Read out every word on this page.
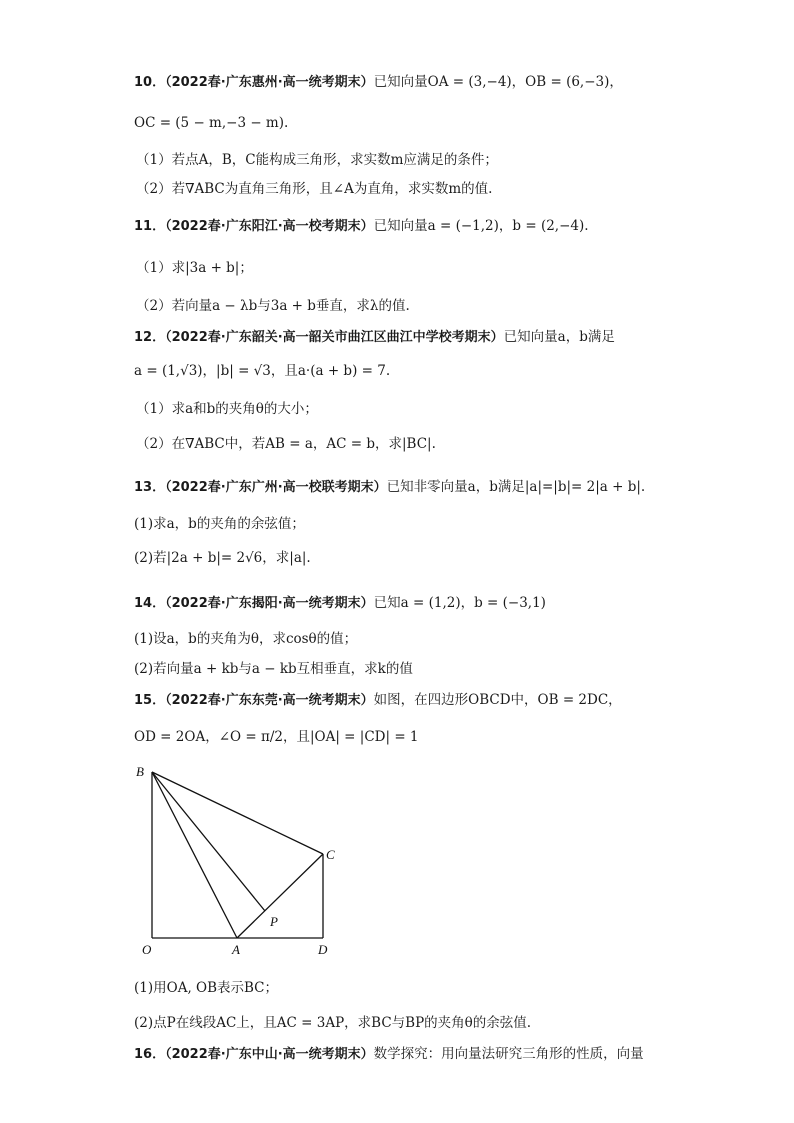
10．（2022春·广东惠州·高一统考期末）已知向量OA = (3,−4)，OB = (6,−3)，
OC = (5 − m,−3 − m).
（1）若点A，B，C能构成三角形，求实数m应满足的条件；
（2）若∇ABC为直角三角形，且∠A为直角，求实数m的值.
11．（2022春·广东阳江·高一校考期末）已知向量a = (−1,2)，b = (2,−4).
（1）求|3a + b|；
（2）若向量a − λb与3a + b垂直，求λ的值.
12．（2022春·广东韶关·高一韶关市曲江区曲江中学校考期末）已知向量a，b满足
a = (1,√3)，|b| = √3，且a·(a + b) = 7.
（1）求a和b的夹角θ的大小；
（2）在∇ABC中，若AB = a，AC = b，求|BC|.
13．（2022春·广东广州·高一校联考期末）已知非零向量a，b满足|a|=|b|= 2|a + b|.
(1)求a，b的夹角的余弦值；
(2)若|2a + b|= 2√6，求|a|.
14．（2022春·广东揭阳·高一统考期末）已知a = (1,2)，b = (−3,1)
(1)设a，b的夹角为θ，求cosθ的值；
(2)若向量a + kb与a − kb互相垂直，求k的值
15．（2022春·广东东莞·高一统考期末）如图，在四边形OBCD中，OB = 2DC，
OD = 2OA，∠O = π/2，且|OA| = |CD| = 1
B
C
P
O	A	D
(1)用OA, OB表示BC；
(2)点P在线段AC上，且AC = 3AP，求BC与BP的夹角θ的余弦值.
16．（2022春·广东中山·高一统考期末）数学探究：用向量法研究三角形的性质，向量
